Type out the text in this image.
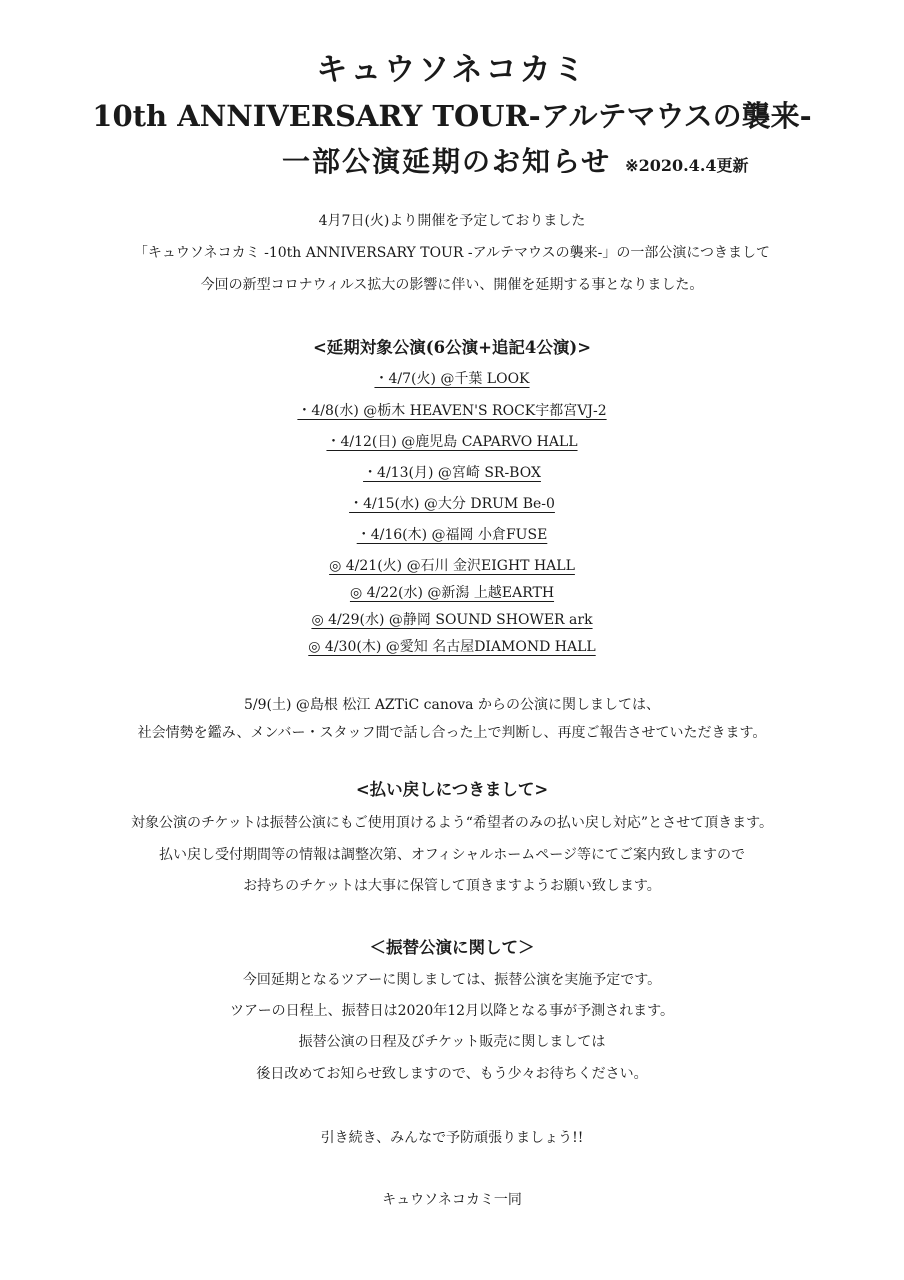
キュウソネコカミ
10th ANNIVERSARY TOUR-アルテマウスの襲来-
一部公演延期のお知らせ ※2020.4.4更新
4月7日(火)より開催を予定しておりました
「キュウソネコカミ -10th ANNIVERSARY TOUR -アルテマウスの襲来-」の一部公演につきまして
今回の新型コロナウィルス拡大の影響に伴い、開催を延期する事となりました。
<延期対象公演(6公演+追記4公演)>
・4/7(火) @千葉 LOOK
・4/8(水) @栃木 HEAVEN'S ROCK宇都宮VJ-2
・4/12(日) @鹿児島 CAPARVO HALL
・4/13(月) @宮崎 SR-BOX
・4/15(水) @大分 DRUM Be-0
・4/16(木) @福岡 小倉FUSE
◎ 4/21(火) @石川 金沢EIGHT HALL
◎ 4/22(水) @新潟 上越EARTH
◎ 4/29(水) @静岡 SOUND SHOWER ark
◎ 4/30(木) @愛知 名古屋DIAMOND HALL
5/9(土) @島根 松江 AZTiC canova からの公演に関しましては、
社会情勢を鑑み、メンバー・スタッフ間で話し合った上で判断し、再度ご報告させていただきます。
<払い戻しにつきまして>
対象公演のチケットは振替公演にもご使用頂けるよう“希望者のみの払い戻し対応”とさせて頂きます。
払い戻し受付期間等の情報は調整次第、オフィシャルホームページ等にてご案内致しますので
お持ちのチケットは大事に保管して頂きますようお願い致します。
＜振替公演に関して＞
今回延期となるツアーに関しましては、振替公演を実施予定です。
ツアーの日程上、振替日は2020年12月以降となる事が予測されます。
振替公演の日程及びチケット販売に関しましては
後日改めてお知らせ致しますので、もう少々お待ちください。
引き続き、みんなで予防頑張りましょう!!
キュウソネコカミ一同
